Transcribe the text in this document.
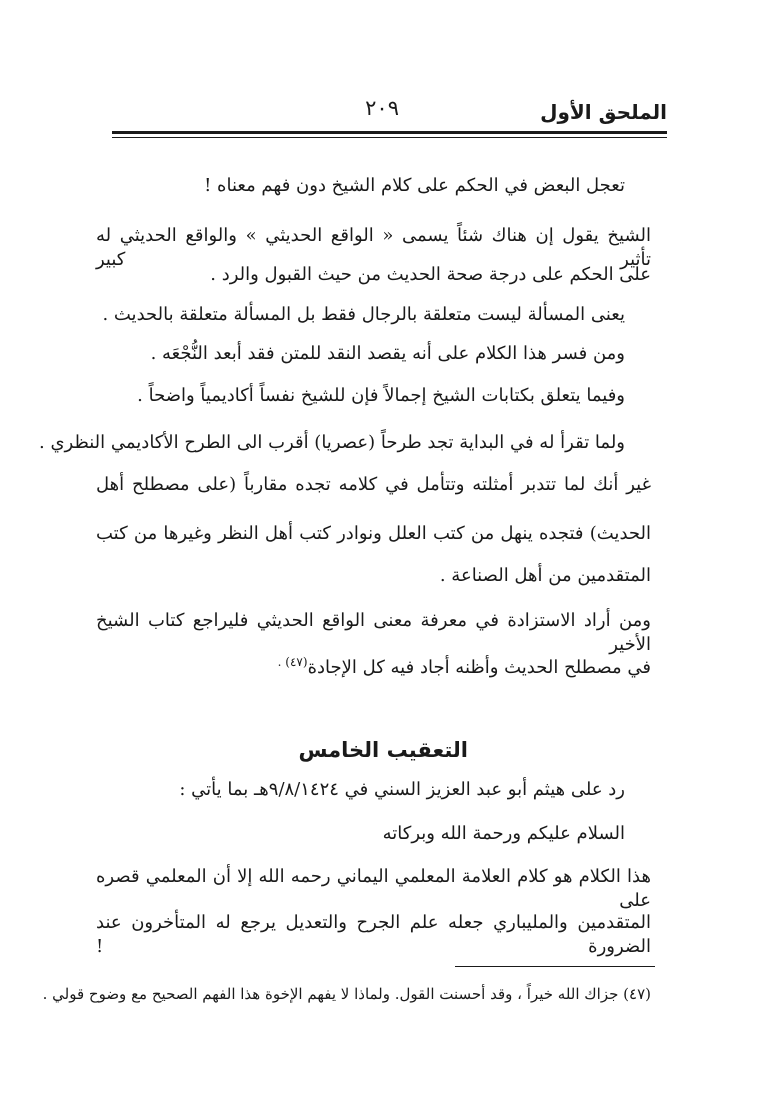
الملحق الأول
٢٠٩
تعجل البعض في الحكم على كلام الشيخ دون فهم معناه !
الشيخ يقول إن هناك شئاً يسمى « الواقع الحديثي » والواقع الحديثي له تأثير كبير
على الحكم على درجة صحة الحديث من حيث القبول والرد .
يعنى المسألة ليست متعلقة بالرجال فقط بل المسألة متعلقة بالحديث .
ومن فسر هذا الكلام على أنه يقصد النقد للمتن فقد أبعد النُّجْعَه .
وفيما يتعلق بكتابات الشيخ إجمالاً فإن للشيخ نفساً أكاديمياً واضحاً .
ولما تقرأ له في البداية تجد طرحاً (عصريا) أقرب الى الطرح الأكاديمي النظري .
غير أنك لما تتدبر أمثلته وتتأمل في كلامه تجده مقارباً (على مصطلح أهل
الحديث) فتجده ينهل من كتب العلل ونوادر كتب أهل النظر وغيرها من كتب
المتقدمين من أهل الصناعة .
ومن أراد الاستزادة في معرفة معنى الواقع الحديثي فليراجع كتاب الشيخ الأخير
في مصطلح الحديث وأظنه أجاد فيه كل الإجادة$^{(٤٧) .}$
التعقيب الخامس
رد على هيثم أبو عبد العزيز السني في ٩/٨/١٤٢٤هـ بما يأتي :
السلام عليكم ورحمة الله وبركاته
هذا الكلام هو كلام العلامة المعلمي اليماني رحمه الله إلا أن المعلمي قصره على
المتقدمين والمليباري جعله علم الجرح والتعديل يرجع له المتأخرون عند الضرورة !
(٤٧) جزاك الله خيراً ، وقد أحسنت القول. ولماذا لا يفهم الإخوة هذا الفهم الصحيح مع وضوح قولي .
